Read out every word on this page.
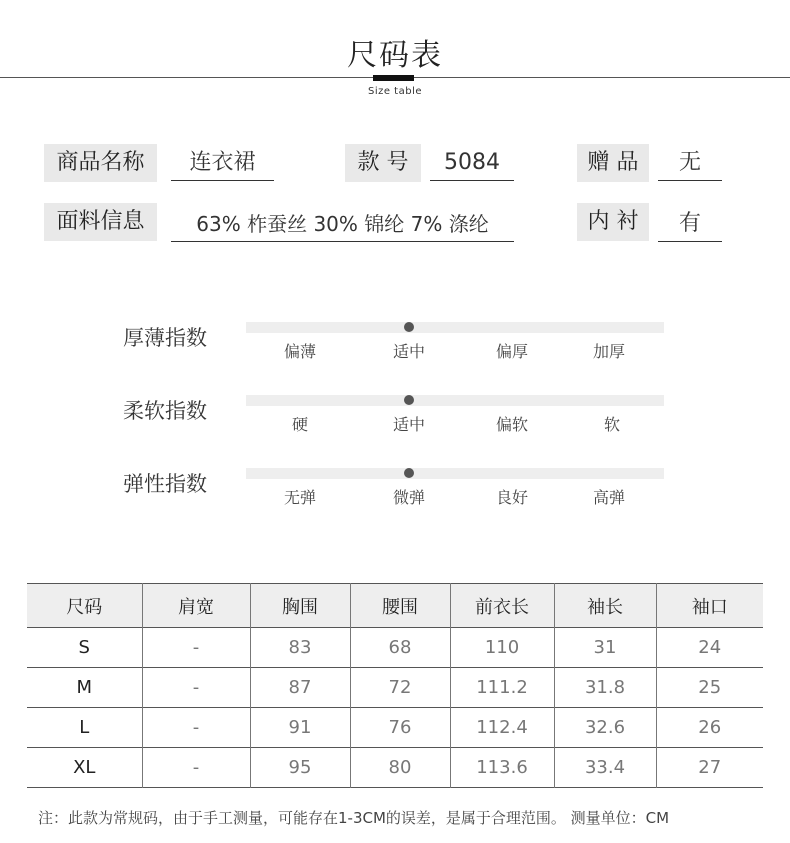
尺码表
Size table
商品名称	连衣裙	款 号	5084	赠 品	无
面料信息	63% 柞蚕丝 30% 锦纶 7% 涤纶	内 衬	有
厚薄指数
偏薄	适中	偏厚	加厚
柔软指数
硬	适中	偏软	软
弹性指数
无弹	微弹	良好	高弹
尺码	肩宽	胸围	腰围	前衣长	袖长	袖口
S	-	83	68	110	31	24
M	-	87	72	111.2	31.8	25
L	-	91	76	112.4	32.6	26
XL	-	95	80	113.6	33.4	27
注：此款为常规码，由于手工测量，可能存在1-3CM的误差，是属于合理范围。 测量单位：CM
